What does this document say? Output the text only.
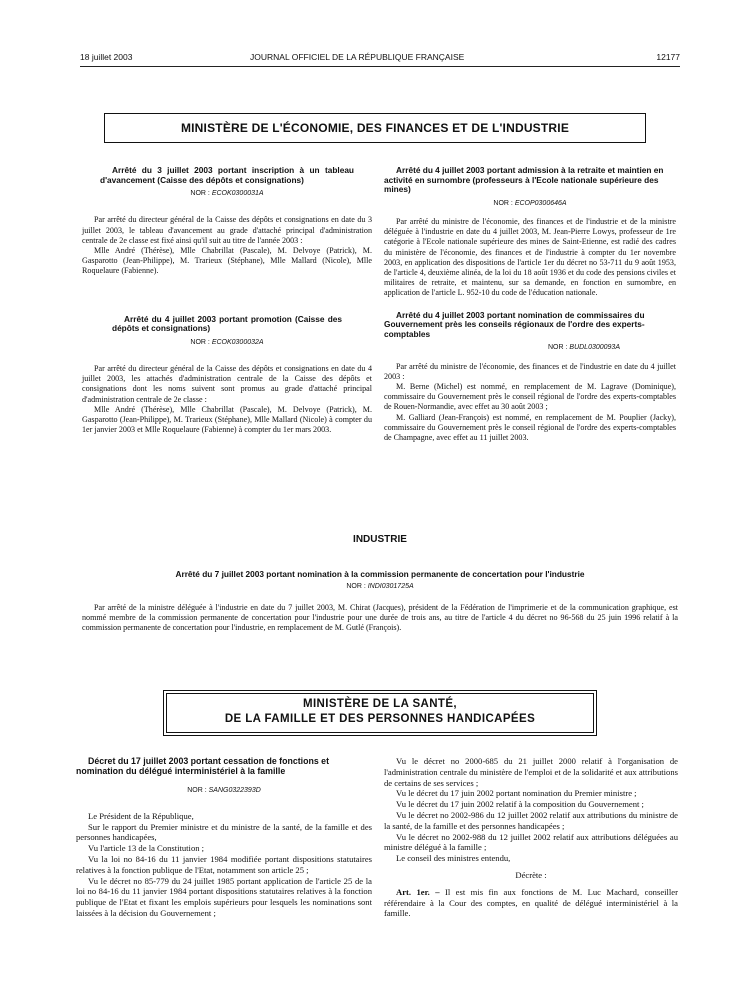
18 juillet 2003	JOURNAL OFFICIEL DE LA RÉPUBLIQUE FRANÇAISE	12177
MINISTÈRE DE L'ÉCONOMIE, DES FINANCES ET DE L'INDUSTRIE

Arrêté du 3 juillet 2003 portant inscription à un tableau d'avancement (Caisse des dépôts et consignations)

NOR : ECOK0300031A

Par arrêté du directeur général de la Caisse des dépôts et consignations en date du 3 juillet 2003, le tableau d'avancement au grade d'attaché principal d'administration centrale de 2e classe est fixé ainsi qu'il suit au titre de l'année 2003 :

Mlle André (Thérèse), Mlle Chabrillat (Pascale), M. Delvoye (Patrick), M. Gasparotto (Jean-Philippe), M. Trarieux (Stéphane), Mlle Mallard (Nicole), Mlle Roquelaure (Fabienne).

Arrêté du 4 juillet 2003 portant promotion (Caisse des dépôts et consignations)

NOR : ECOK0300032A

Par arrêté du directeur général de la Caisse des dépôts et consignations en date du 4 juillet 2003, les attachés d'administration centrale de la Caisse des dépôts et consignations dont les noms suivent sont promus au grade d'attaché principal d'administration centrale de 2e classe :

Mlle André (Thérèse), Mlle Chabrillat (Pascale), M. Delvoye (Patrick), M. Gasparotto (Jean-Philippe), M. Trarieux (Stéphane), Mlle Mallard (Nicole) à compter du 1er janvier 2003 et Mlle Roquelaure (Fabienne) à compter du 1er mars 2003.

Arrêté du 4 juillet 2003 portant admission à la retraite et maintien en activité en surnombre (professeurs à l'Ecole nationale supérieure des mines)

NOR : ECOP0300646A

Par arrêté du ministre de l'économie, des finances et de l'industrie et de la ministre déléguée à l'industrie en date du 4 juillet 2003, M. Jean-Pierre Lowys, professeur de 1re catégorie à l'Ecole nationale supérieure des mines de Saint-Etienne, est radié des cadres du ministère de l'économie, des finances et de l'industrie à compter du 1er novembre 2003, en application des dispositions de l'article 1er du décret no 53-711 du 9 août 1953, de l'article 4, deuxième alinéa, de la loi du 18 août 1936 et du code des pensions civiles et militaires de retraite, et maintenu, sur sa demande, en fonction en surnombre, en application de l'article L. 952-10 du code de l'éducation nationale.

Arrêté du 4 juillet 2003 portant nomination de commissaires du Gouvernement près les conseils régionaux de l'ordre des experts-comptables

NOR : BUDL0300093A

Par arrêté du ministre de l'économie, des finances et de l'industrie en date du 4 juillet 2003 :

M. Berne (Michel) est nommé, en remplacement de M. Lagrave (Dominique), commissaire du Gouvernement près le conseil régional de l'ordre des experts-comptables de Rouen-Normandie, avec effet au 30 août 2003 ;

M. Galliard (Jean-François) est nommé, en remplacement de M. Pouplier (Jacky), commissaire du Gouvernement près le conseil régional de l'ordre des experts-comptables de Champagne, avec effet au 11 juillet 2003.

INDUSTRIE
Arrêté du 7 juillet 2003 portant nomination à la commission permanente de concertation pour l'industrie
NOR : INDI0301725A

Par arrêté de la ministre déléguée à l'industrie en date du 7 juillet 2003, M. Chirat (Jacques), président de la Fédération de l'imprimerie et de la communication graphique, est nommé membre de la commission permanente de concertation pour l'industrie pour une durée de trois ans, au titre de l'article 4 du décret no 96-568 du 25 juin 1996 relatif à la commission permanente de concertation pour l'industrie, en remplacement de M. Gutlé (François).

MINISTÈRE DE LA SANTÉ,
DE LA FAMILLE ET DES PERSONNES HANDICAPÉES

Décret du 17 juillet 2003 portant cessation de fonctions et nomination du délégué interministériel à la famille

NOR : SANG0322393D

Le Président de la République,

Sur le rapport du Premier ministre et du ministre de la santé, de la famille et des personnes handicapées,

Vu l'article 13 de la Constitution ;

Vu la loi no 84-16 du 11 janvier 1984 modifiée portant dispositions statutaires relatives à la fonction publique de l'Etat, notamment son article 25 ;

Vu le décret no 85-779 du 24 juillet 1985 portant application de l'article 25 de la loi no 84-16 du 11 janvier 1984 portant dispositions statutaires relatives à la fonction publique de l'Etat et fixant les emplois supérieurs pour lesquels les nominations sont laissées à la décision du Gouvernement ;

Vu le décret no 2000-685 du 21 juillet 2000 relatif à l'organisation de l'administration centrale du ministère de l'emploi et de la solidarité et aux attributions de certains de ses services ;

Vu le décret du 17 juin 2002 portant nomination du Premier ministre ;

Vu le décret du 17 juin 2002 relatif à la composition du Gouvernement ;

Vu le décret no 2002-986 du 12 juillet 2002 relatif aux attributions du ministre de la santé, de la famille et des personnes handicapées ;

Vu le décret no 2002-988 du 12 juillet 2002 relatif aux attributions déléguées au ministre délégué à la famille ;

Le conseil des ministres entendu,

Décrète :

Art. 1er. – Il est mis fin aux fonctions de M. Luc Machard, conseiller référendaire à la Cour des comptes, en qualité de délégué interministériel à la famille.
